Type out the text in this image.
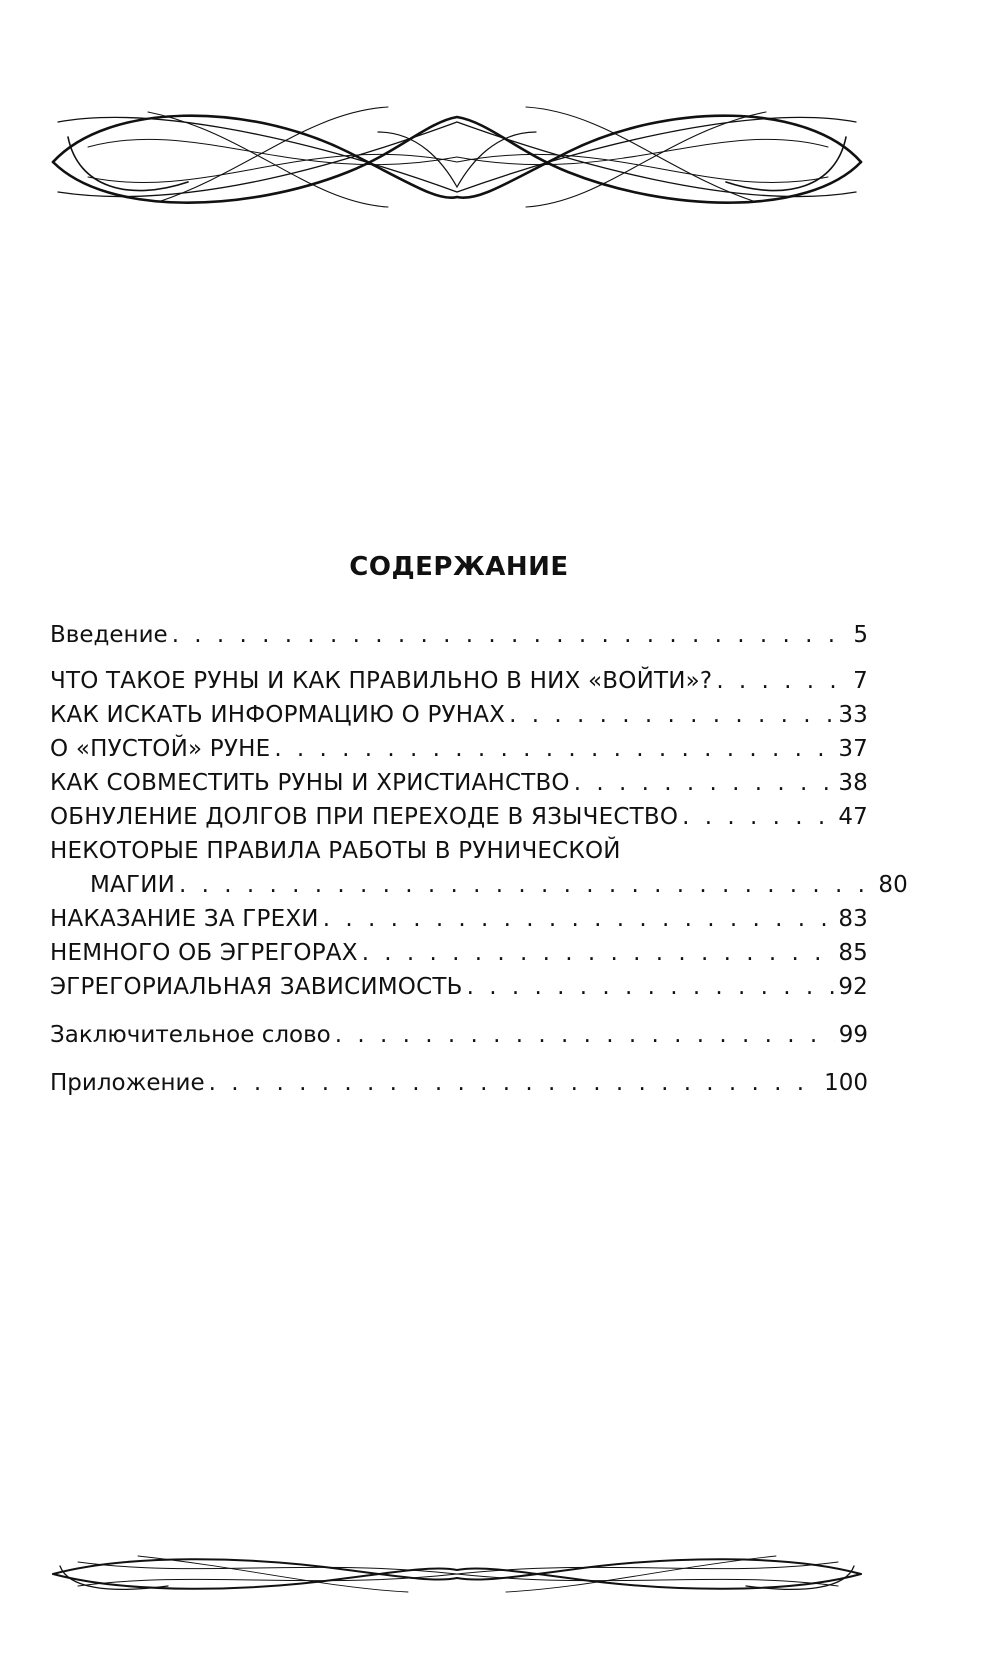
СОДЕРЖАНИЕ
Введение . . .	5
ЧТО ТАКОЕ РУНЫ И КАК ПРАВИЛЬНО В НИХ «ВОЙТИ»? . . .	7
КАК ИСКАТЬ ИНФОРМАЦИЮ О РУНАХ . . .	33
О «ПУСТОЙ» РУНЕ . . .	37
КАК СОВМЕСТИТЬ РУНЫ И ХРИСТИАНСТВО . . .	38
ОБНУЛЕНИЕ ДОЛГОВ ПРИ ПЕРЕХОДЕ В ЯЗЫЧЕСТВО . . .	47
НЕКОТОРЫЕ ПРАВИЛА РАБОТЫ В РУНИЧЕСКОЙ
МАГИИ . . .	80
НАКАЗАНИЕ ЗА ГРЕХИ . . .	83
НЕМНОГО ОБ ЭГРЕГОРАХ . . .	85
ЭГРЕГОРИАЛЬНАЯ ЗАВИСИМОСТЬ . . .	92
Заключительное слово . . .	99
Приложение . . .	100
